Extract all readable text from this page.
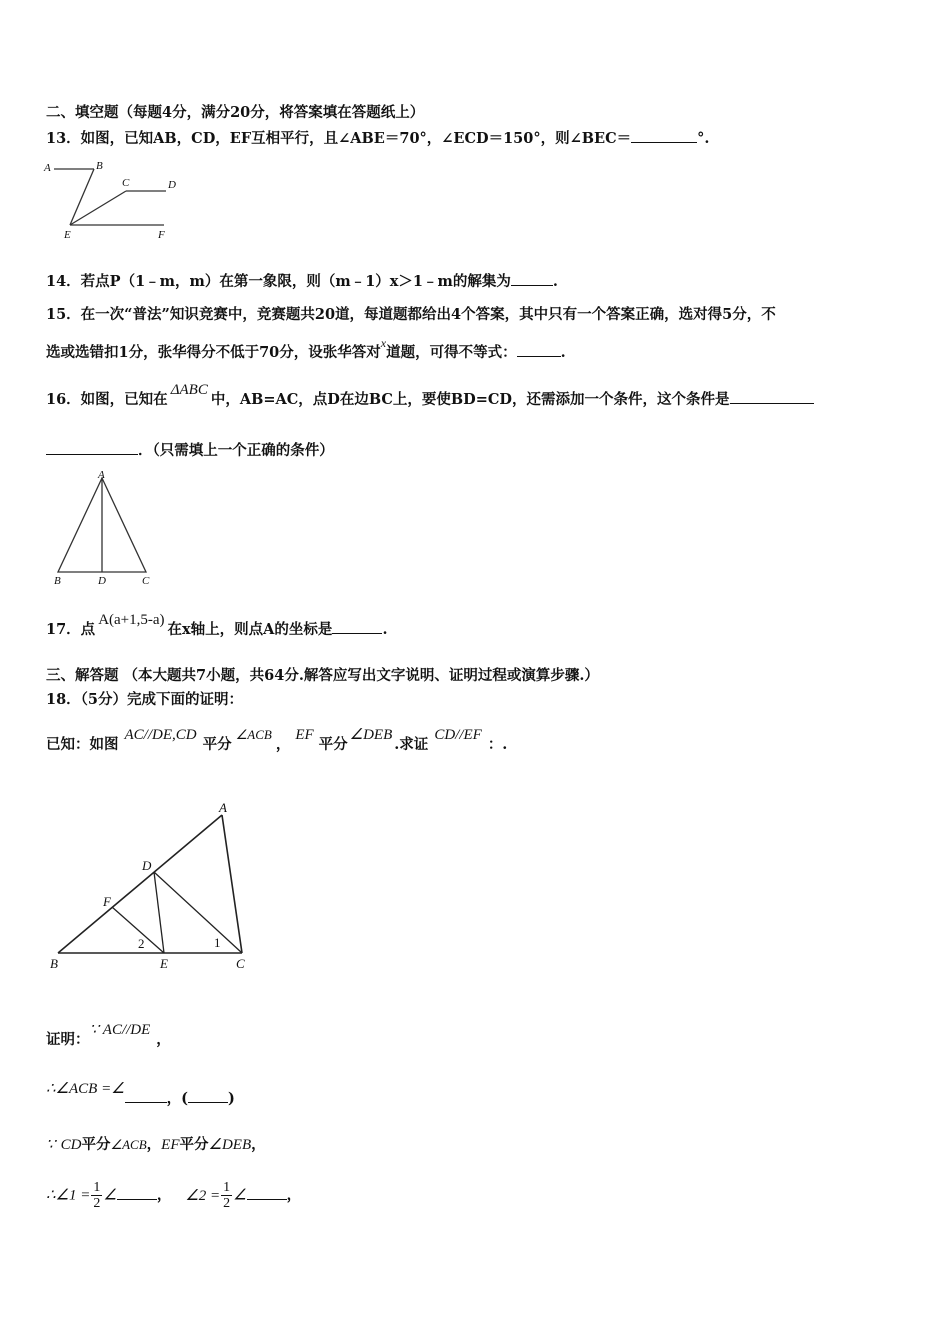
二、填空题（每题4分，满分20分，将答案填在答题纸上）
13．如图，已知AB，CD，EF互相平行，且∠ABE＝70°，∠ECD＝150°，则∠BEC＝	°.
A	B
C	D
E	F
14．若点P（1﹣m，m）在第一象限，则（m﹣1）x＞1﹣m的解集为	.
15．在一次“普法”知识竞赛中，竞赛题共20道，每道题都给出4个答案，其中只有一个答案正确，选对得5分，不
选或选错扣1分，张华得分不低于70分，设张华答对$^x$道题，可得不等式：	.
16．如图，已知在ΔABC中，AB=AC，点D在边BC上，要使BD=CD，还需添加一个条件，这个条件是
．（只需填上一个正确的条件）
A
B	D	C
17．点A(a+1,5-a)在x轴上，则点A的坐标是	.
三、解答题 （本大题共7小题，共64分.解答应写出文字说明、证明过程或演算步骤.）
18．（5分）完成下面的证明：
已知：如图AC//DE,CD平分∠ACB，EF平分∠DEB.求证CD//EF：.
A
D
F
B	E	C
2	1
证明：∵ AC//DE，
∴∠ACB =∠，(	)
∵ CD平分∠ACB，EF平分∠DEB，
∴∠1 = $\frac{1}{2}$ ∠	， ∠2 = $\frac{1}{2}$ ∠	，
